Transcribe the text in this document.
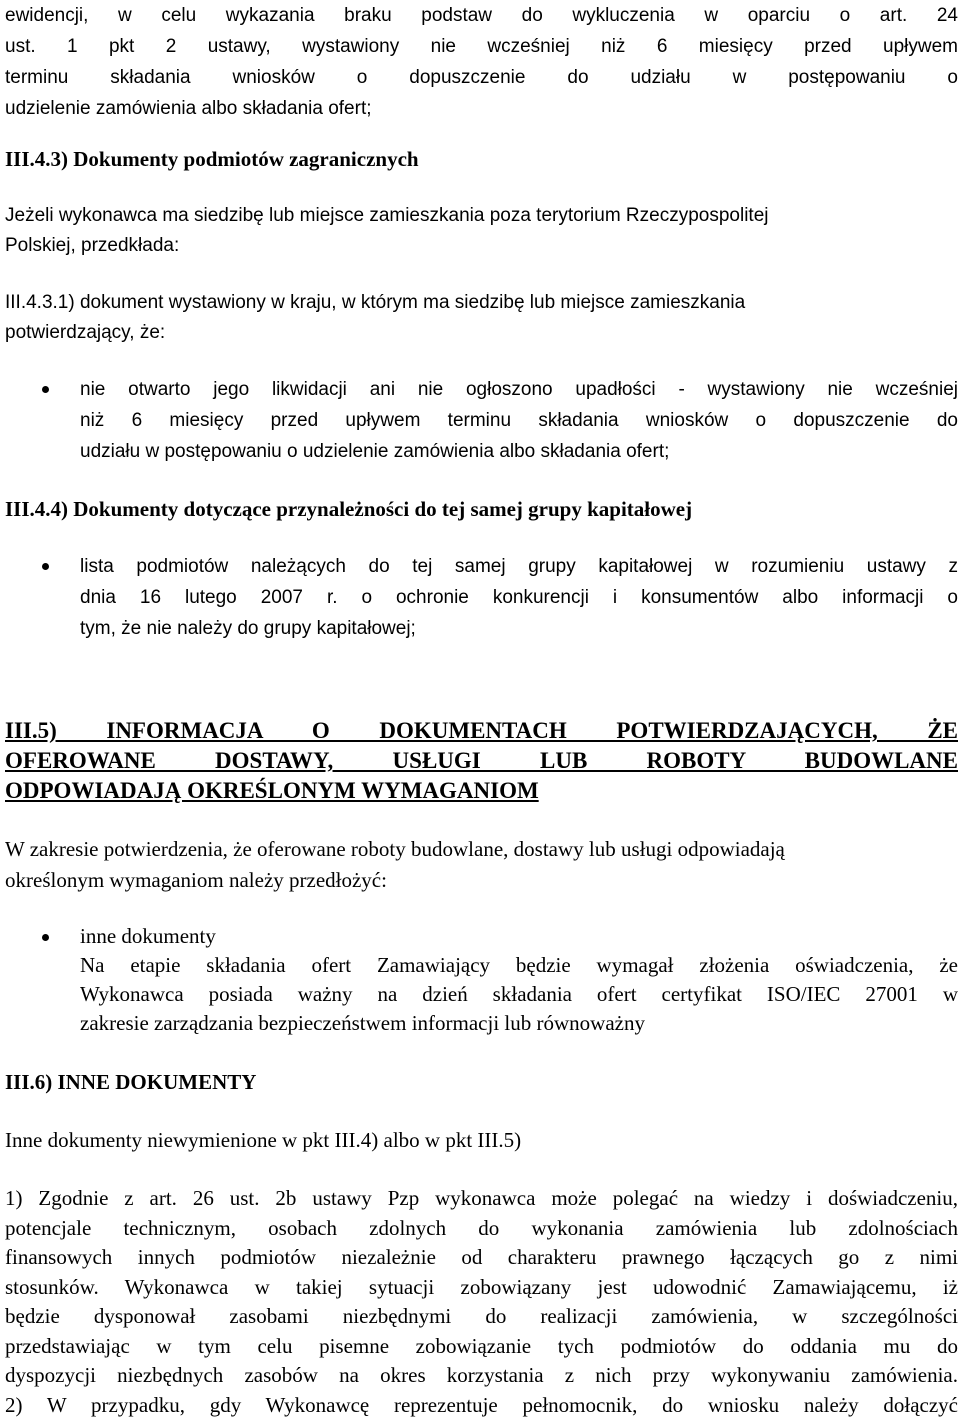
ewidencji, w celu wykazania braku podstaw do wykluczenia w oparciu o art. 24
ust. 1 pkt 2 ustawy, wystawiony nie wcześniej niż 6 miesięcy przed upływem
terminu składania wniosków o dopuszczenie do udziału w postępowaniu o
udzielenie zamówienia albo składania ofert;
III.4.3) Dokumenty podmiotów zagranicznych
Jeżeli wykonawca ma siedzibę lub miejsce zamieszkania poza terytorium Rzeczypospolitej
Polskiej, przedkłada:
III.4.3.1) dokument wystawiony w kraju, w którym ma siedzibę lub miejsce zamieszkania
potwierdzający, że:
nie otwarto jego likwidacji ani nie ogłoszono upadłości - wystawiony nie wcześniej
niż 6 miesięcy przed upływem terminu składania wniosków o dopuszczenie do
udziału w postępowaniu o udzielenie zamówienia albo składania ofert;
III.4.4) Dokumenty dotyczące przynależności do tej samej grupy kapitałowej
lista podmiotów należących do tej samej grupy kapitałowej w rozumieniu ustawy z
dnia 16 lutego 2007 r. o ochronie konkurencji i konsumentów albo informacji o
tym, że nie należy do grupy kapitałowej;
III.5) INFORMACJA O DOKUMENTACH POTWIERDZAJĄCYCH, ŻE
OFEROWANE DOSTAWY, USŁUGI LUB ROBOTY BUDOWLANE
ODPOWIADAJĄ OKREŚLONYM WYMAGANIOM
W zakresie potwierdzenia, że oferowane roboty budowlane, dostawy lub usługi odpowiadają
określonym wymaganiom należy przedłożyć:
inne dokumenty
Na etapie składania ofert Zamawiający będzie wymagał złożenia oświadczenia, że
Wykonawca posiada ważny na dzień składania ofert certyfikat ISO/IEC 27001 w
zakresie zarządzania bezpieczeństwem informacji lub równoważny
III.6) INNE DOKUMENTY
Inne dokumenty niewymienione w pkt III.4) albo w pkt III.5)
1) Zgodnie z art. 26 ust. 2b ustawy Pzp wykonawca może polegać na wiedzy i doświadczeniu,
potencjale technicznym, osobach zdolnych do wykonania zamówienia lub zdolnościach
finansowych innych podmiotów niezależnie od charakteru prawnego łączących go z nimi
stosunków. Wykonawca w takiej sytuacji zobowiązany jest udowodnić Zamawiającemu, iż
będzie dysponował zasobami niezbędnymi do realizacji zamówienia, w szczególności
przedstawiając w tym celu pisemne zobowiązanie tych podmiotów do oddania mu do
dyspozycji niezbędnych zasobów na okres korzystania z nich przy wykonywaniu zamówienia.
2) W przypadku, gdy Wykonawcę reprezentuje pełnomocnik, do wniosku należy dołączyć
